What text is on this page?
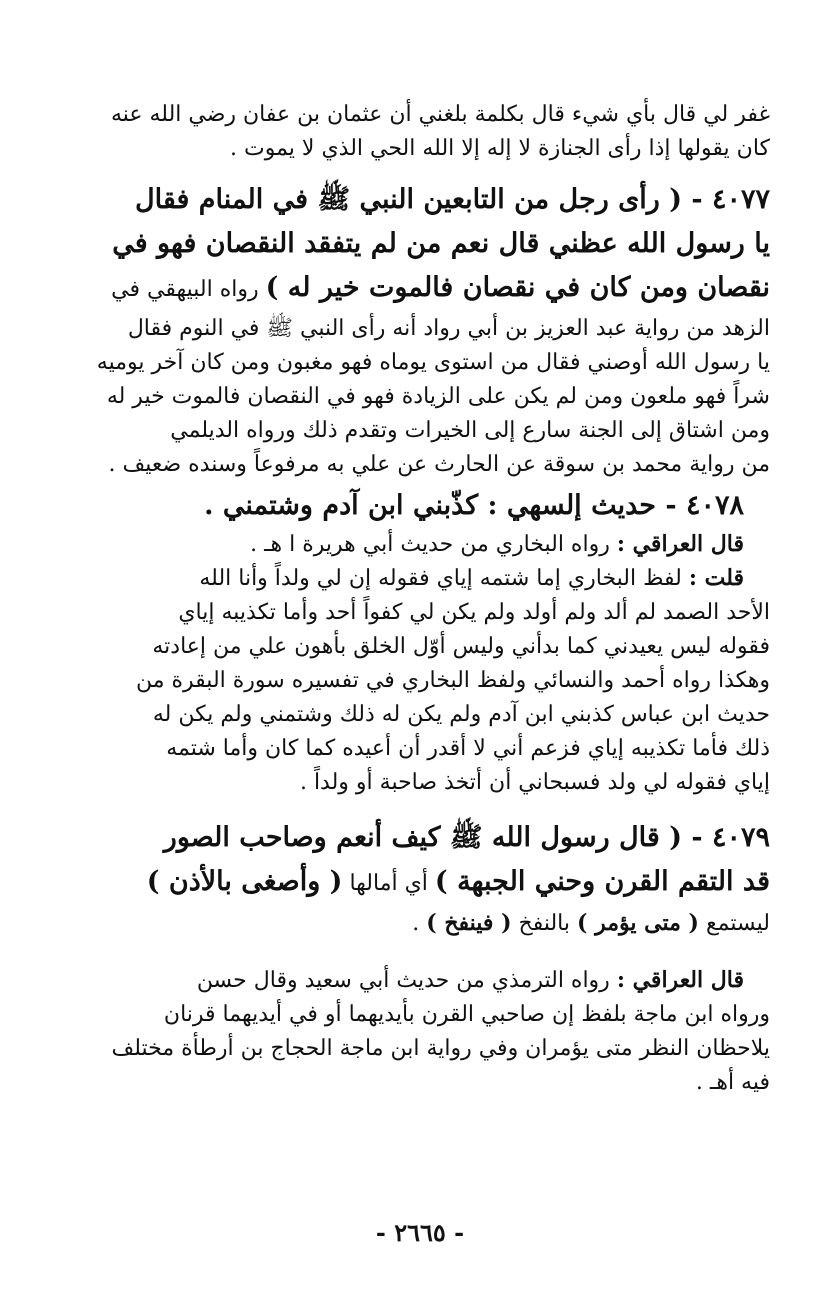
غفر لي قال بأي شيء قال بكلمة بلغني أن عثمان بن عفان رضي الله عنه
كان يقولها إذا رأى الجنازة لا إله إلا الله الحي الذي لا يموت .
٤٠٧٧ - ( رأى رجل من التابعين النبي ﷺ في المنام فقال
يا رسول الله عظني قال نعم من لم يتفقد النقصان فهو في
نقصان ومن كان في نقصان فالموت خير له ) رواه البيهقي في
الزهد من رواية عبد العزيز بن أبي رواد أنه رأى النبي ﷺ في النوم فقال
يا رسول الله أوصني فقال من استوى يوماه فهو مغبون ومن كان آخر يوميه
شراً فهو ملعون ومن لم يكن على الزيادة فهو في النقصان فالموت خير له
ومن اشتاق إلى الجنة سارع إلى الخيرات وتقدم ذلك ورواه الديلمي
من رواية محمد بن سوقة عن الحارث عن علي به مرفوعاً وسنده ضعيف .
٤٠٧٨ - حديث إلسهي : كذّبني ابن آدم وشتمني .
قال العراقي : رواه البخاري من حديث أبي هريرة ا هـ .
قلت : لفظ البخاري إما شتمه إياي فقوله إن لي ولداً وأنا الله
الأحد الصمد لم ألد ولم أولد ولم يكن لي كفواً أحد وأما تكذيبه إياي
فقوله ليس يعيدني كما بدأني وليس أوّل الخلق بأهون علي من إعادته
وهكذا رواه أحمد والنسائي ولفظ البخاري في تفسيره سورة البقرة من
حديث ابن عباس كذبني ابن آدم ولم يكن له ذلك وشتمني ولم يكن له
ذلك فأما تكذيبه إياي فزعم أني لا أقدر أن أعيده كما كان وأما شتمه
إياي فقوله لي ولد فسبحاني أن أتخذ صاحبة أو ولداً .
٤٠٧٩ - ( قال رسول الله ﷺ كيف أنعم وصاحب الصور
قد التقم القرن وحني الجبهة ) أي أمالها ( وأصغى بالأذن )
ليستمع ( متى يؤمر ) بالنفخ ( فينفخ ) .
قال العراقي : رواه الترمذي من حديث أبي سعيد وقال حسن
ورواه ابن ماجة بلفظ إن صاحبي القرن بأيديهما أو في أيديهما قرنان
يلاحظان النظر متى يؤمران وفي رواية ابن ماجة الحجاج بن أرطأة مختلف
فيه أهـ .
- ٢٦٦٥ -
